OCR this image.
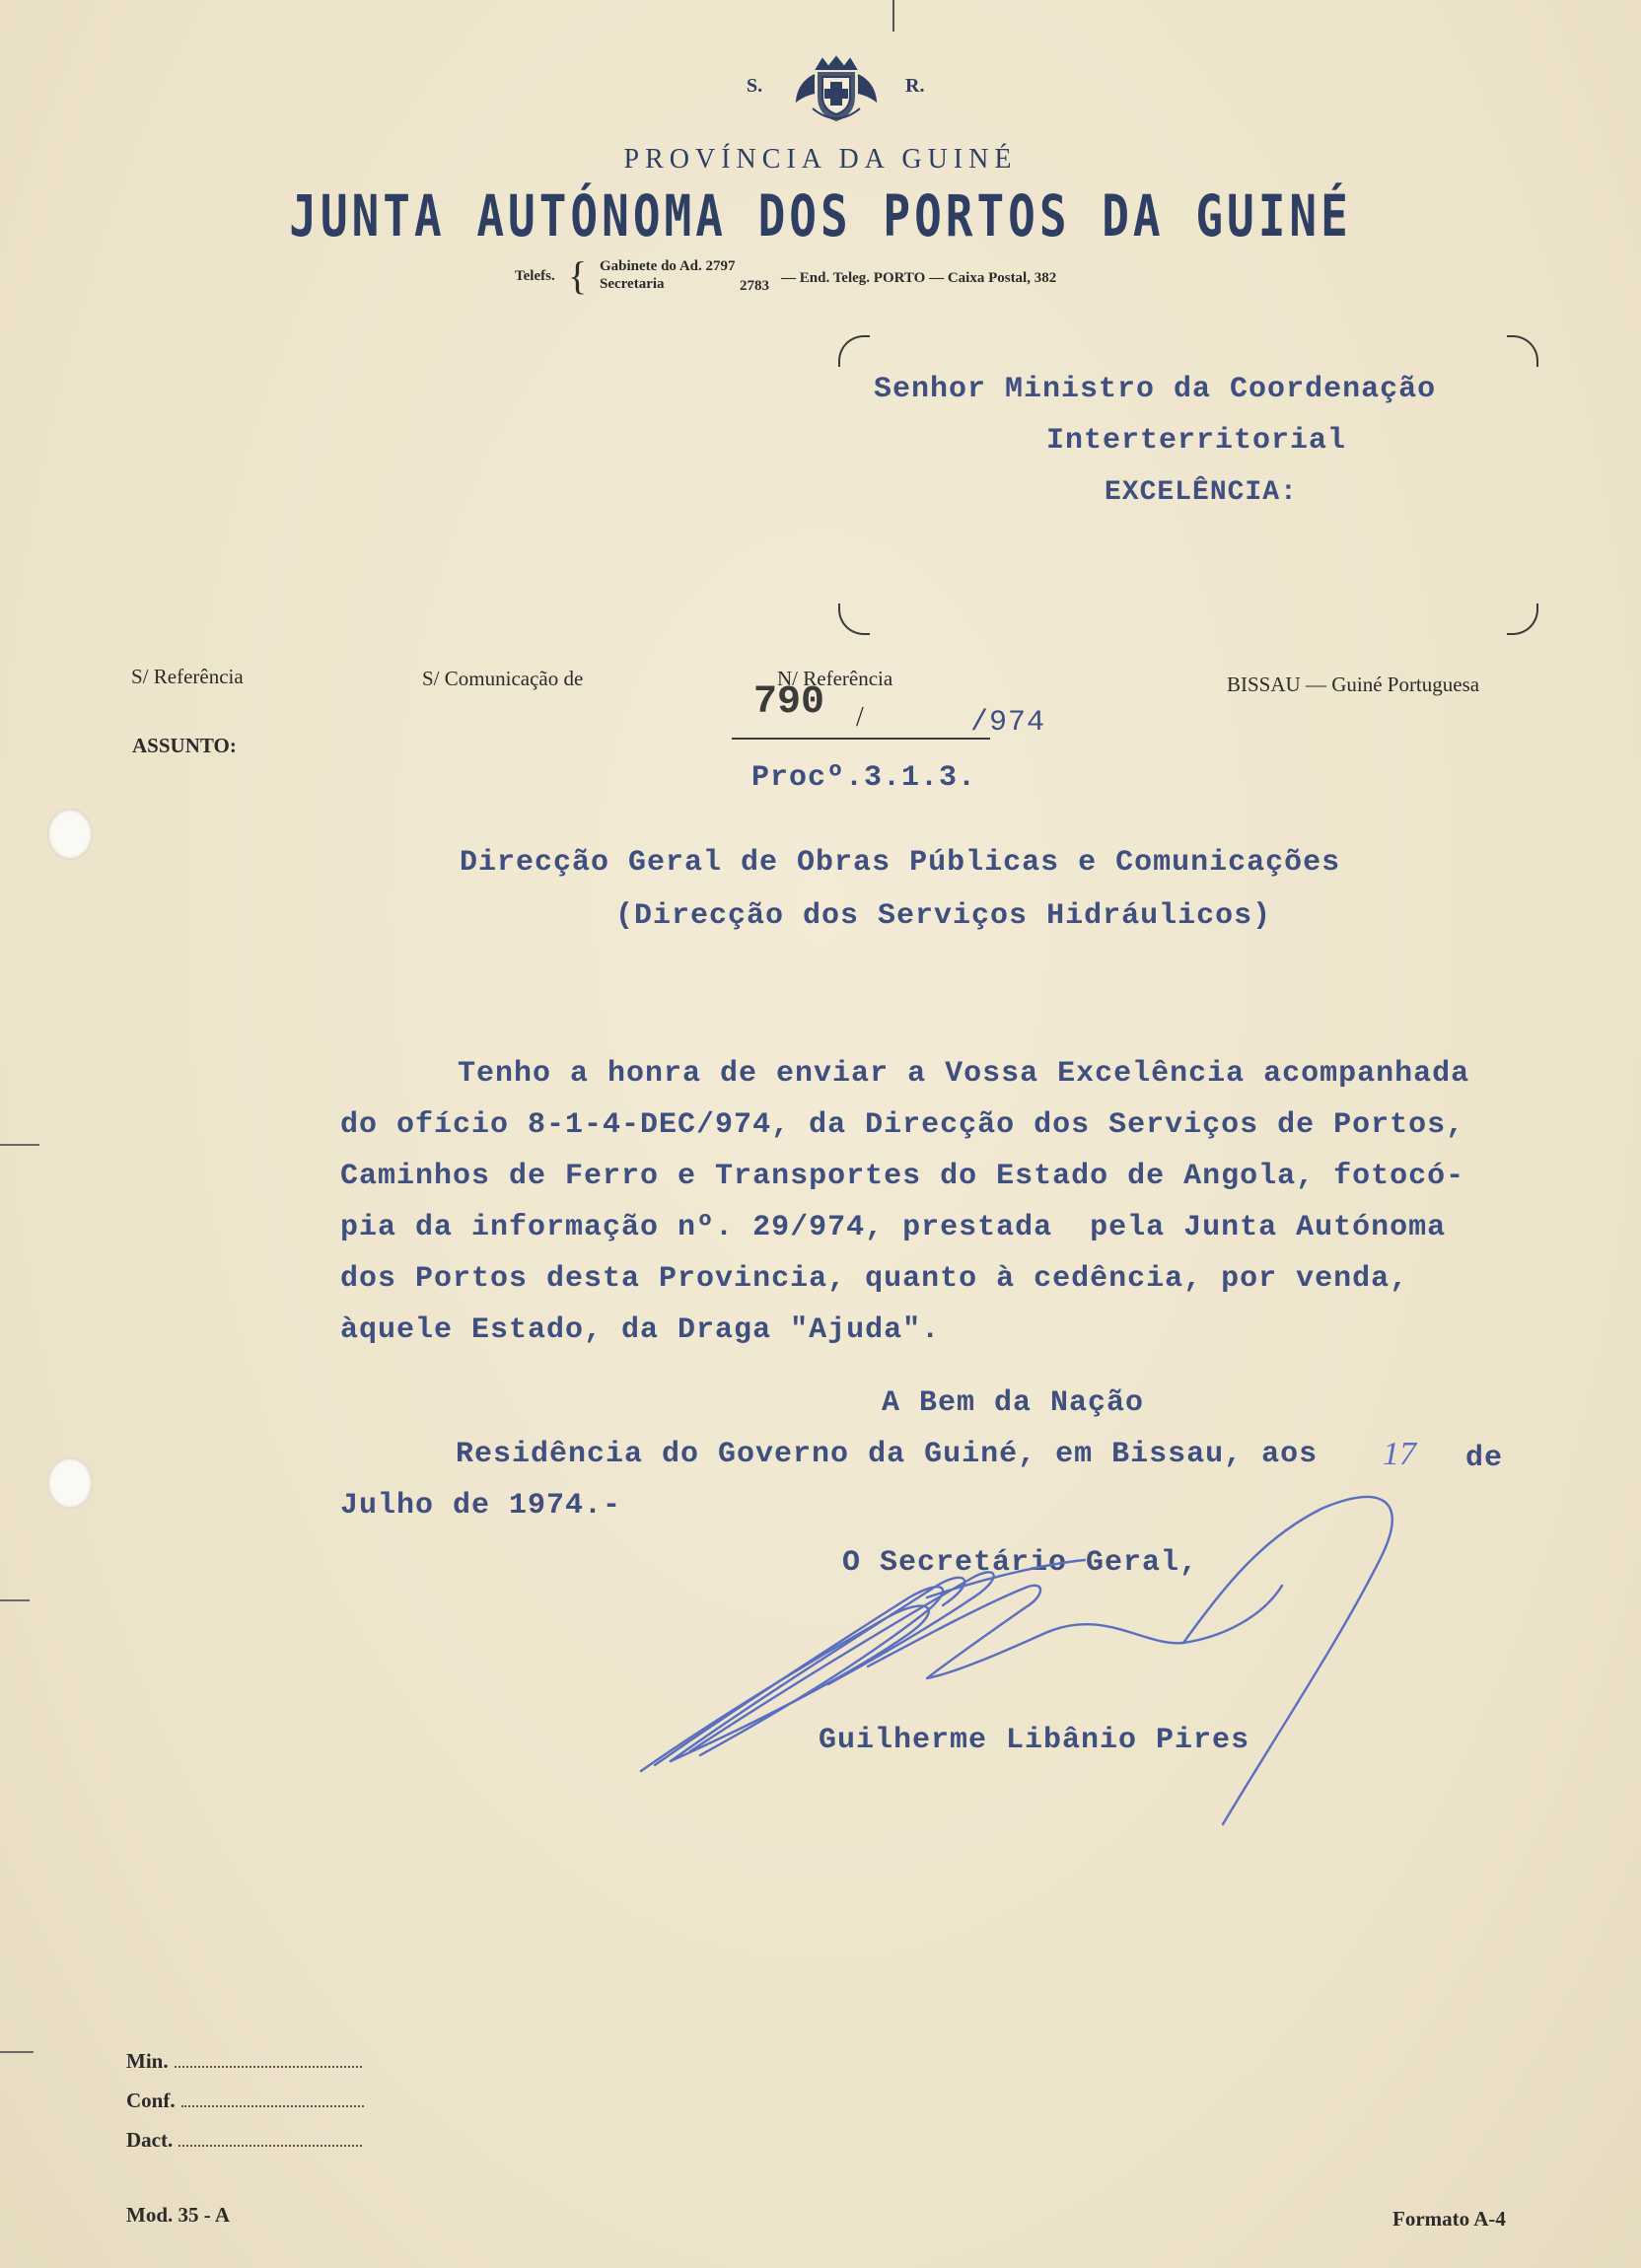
S.	R.
PROVÍNCIA DA GUINÉ
JUNTA AUTÓNOMA DOS PORTOS DA GUINÉ
Telefs. { Gabinete do Ad. 2797
Secretaria	2783 — End. Teleg. PORTO — Caixa Postal, 382
Senhor Ministro da Coordenação
Interterritorial
EXCELÊNCIA:
S/ Referência	S/ Comunicação de	N/ Referência	BISSAU — Guiné Portuguesa
ASSUNTO:
790 /	/974
Procº.3.1.3.
Direcção Geral de Obras Públicas e Comunicações
(Direcção dos Serviços Hidráulicos)
Tenho a honra de enviar a Vossa Excelência acompanhada
do ofício 8-1-4-DEC/974, da Direcção dos Serviços de Portos,
Caminhos de Ferro e Transportes do Estado de Angola, fotocó-
pia da informação nº. 29/974, prestada  pela Junta Autónoma
dos Portos desta Provincia, quanto à cedência, por venda,
àquele Estado, da Draga "Ajuda".
A Bem da Nação
Residência do Governo da Guiné, em Bissau, aos 17 de
Julho de 1974.-
O Secretário Geral,
Guilherme Libânio Pires
Min.
Conf.
Dact.
Mod. 35 - A	Formato A-4
